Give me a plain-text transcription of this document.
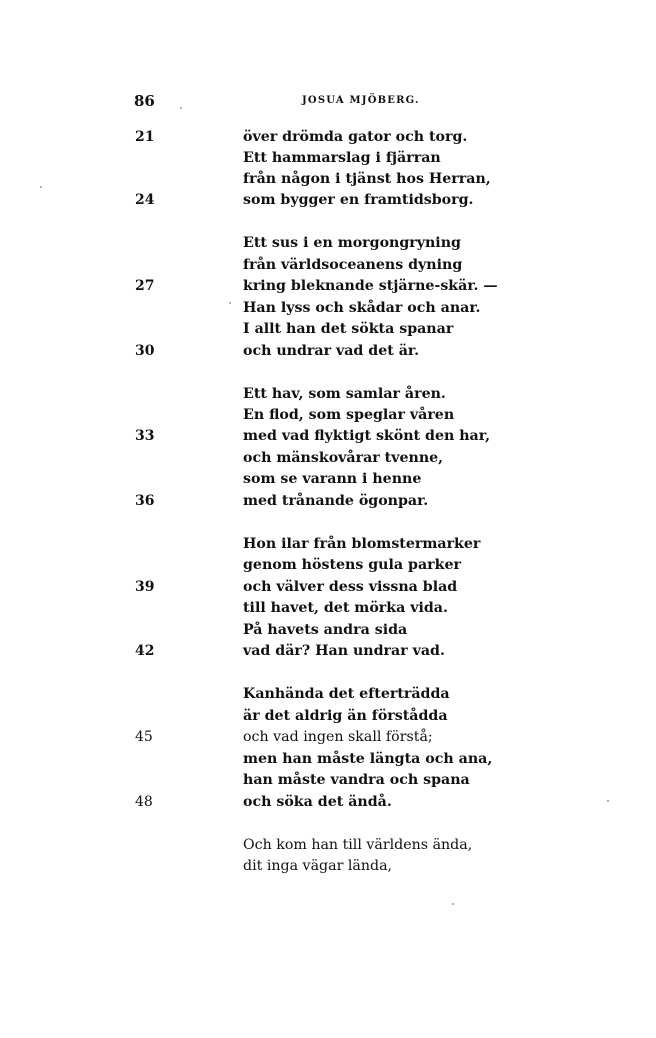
86	JOSUA MJÖBERG.
21
24
27
30
33
36
39
42
45
48
över drömda gator och torg.
Ett hammarslag i fjärran
från någon i tjänst hos Herran,
som bygger en framtidsborg.
Ett sus i en morgongryning
från världsoceanens dyning
kring bleknande stjärne-skär. —
Han lyss och skådar och anar.
I allt han det sökta spanar
och undrar vad det är.
Ett hav, som samlar åren.
En flod, som speglar våren
med vad flyktigt skönt den har,
och mänskovårar tvenne,
som se varann i henne
med trånande ögonpar.
Hon ilar från blomstermarker
genom höstens gula parker
och välver dess vissna blad
till havet, det mörka vida.
På havets andra sida
vad där? Han undrar vad.
Kanhända det efterträdda
är det aldrig än förstådda
och vad ingen skall förstå;
men han måste längta och ana,
han måste vandra och spana
och söka det ändå.
Och kom han till världens ända,
dit inga vägar lända,
